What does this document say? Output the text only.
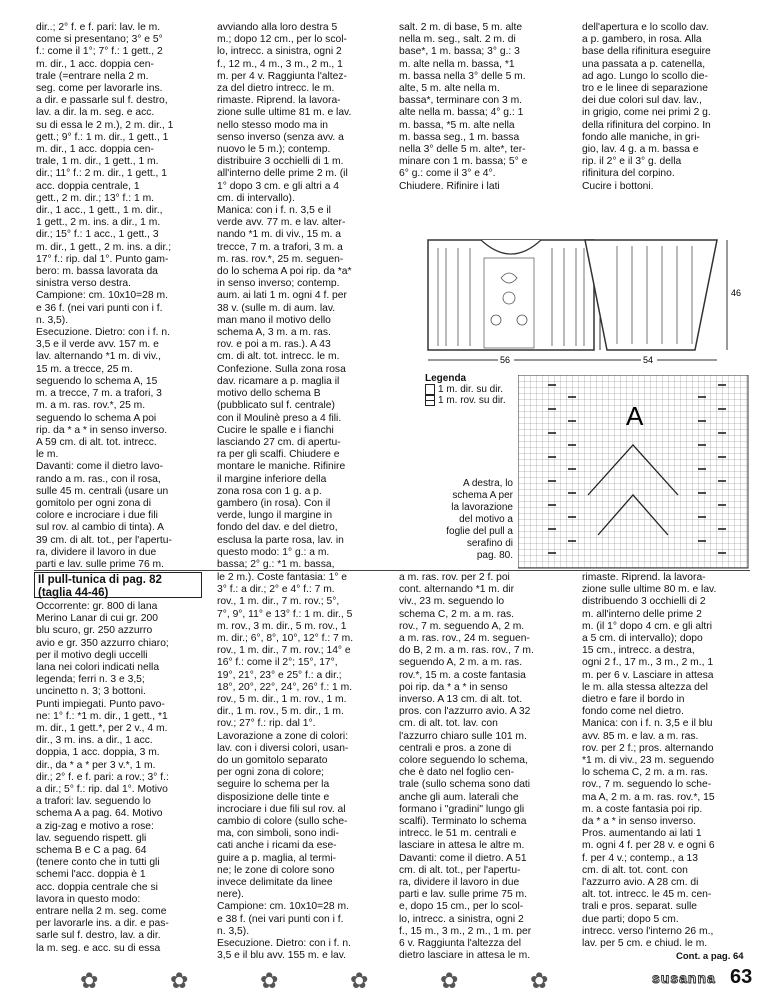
dir..; 2° f. e f. pari: lav. le m.
come si presentano; 3° e 5°
f.: come il 1°; 7° f.: 1 gett., 2
m. dir., 1 acc. doppia cen-
trale (=entrare nella 2 m.
seg. come per lavorarle ins.
a dir. e passarle sul f. destro,
lav. a dir. la m. seg. e acc.
su di essa le 2 m.), 2 m. dir., 1
gett.; 9° f.: 1 m. dir., 1 gett., 1
m. dir., 1 acc. doppia cen-
trale, 1 m. dir., 1 gett., 1 m.
dir.; 11° f.: 2 m. dir., 1 gett., 1
acc. doppia centrale, 1
gett., 2 m. dir.; 13° f.: 1 m.
dir., 1 acc., 1 gett., 1 m. dir.,
1 gett., 2 m. ins. a dir., 1 m.
dir.; 15° f.: 1 acc., 1 gett., 3
m. dir., 1 gett., 2 m. ins. a dir.;
17° f.: rip. dal 1°. Punto gam-
bero: m. bassa lavorata da
sinistra verso destra.
Campione: cm. 10x10=28 m.
e 36 f. (nei vari punti con i f.
n. 3,5).
Esecuzione. Dietro: con i f. n.
3,5 e il verde avv. 157 m. e
lav. alternando *1 m. di viv.,
15 m. a trecce, 25 m.
seguendo lo schema A, 15
m. a trecce, 7 m. a trafori, 3
m. a m. ras. rov.*, 25 m.
seguendo lo schema A poi
rip. da * a * in senso inverso.
A 59 cm. di alt. tot. intrecc.
le m.
Davanti: come il dietro lavo-
rando a m. ras., con il rosa,
sulle 45 m. centrali (usare un
gomitolo per ogni zona di
colore e incrociare i due fili
sul rov. al cambio di tinta). A
39 cm. di alt. tot., per l'apertu-
ra, dividere il lavoro in due
parti e lav. sulle prime 76 m.

avviando alla loro destra 5
m.; dopo 12 cm., per lo scol-
lo, intrecc. a sinistra, ogni 2
f., 12 m., 4 m., 3 m., 2 m., 1
m. per 4 v. Raggiunta l'altez-
za del dietro intrecc. le m.
rimaste. Riprend. la lavora-
zione sulle ultime 81 m. e lav.
nello stesso modo ma in
senso inverso (senza avv. a
nuovo le 5 m.); contemp.
distribuire 3 occhielli di 1 m.
all'interno delle prime 2 m. (il
1° dopo 3 cm. e gli altri a 4
cm. di intervallo).
Manica: con i f. n. 3,5 e il
verde avv. 77 m. e lav. alter-
nando *1 m. di viv., 15 m. a
trecce, 7 m. a trafori, 3 m. a
m. ras. rov.*, 25 m. seguen-
do lo schema A poi rip. da *a*
in senso inverso; contemp.
aum. ai lati 1 m. ogni 4 f. per
38 v. (sulle m. di aum. lav.
man mano il motivo dello
schema A, 3 m. a m. ras.
rov. e poi a m. ras.). A 43
cm. di alt. tot. intrecc. le m.
Confezione. Sulla zona rosa
dav. ricamare a p. maglia il
motivo dello schema B
(pubblicato sul f. centrale)
con il Moulinè preso a 4 fili.
Cucire le spalle e i fianchi
lasciando 27 cm. di apertu-
ra per gli scalfi. Chiudere e
montare le maniche. Rifinire
il margine inferiore della
zona rosa con 1 g. a p.
gambero (in rosa). Con il
verde, lungo il margine in
fondo del dav. e del dietro,
esclusa la parte rosa, lav. in
questo modo: 1° g.: a m.
bassa; 2° g.: *1 m. bassa,

salt. 2 m. di base, 5 m. alte
nella m. seg., salt. 2 m. di
base*, 1 m. bassa; 3° g.: 3
m. alte nella m. bassa, *1
m. bassa nella 3° delle 5 m.
alte, 5 m. alte nella m.
bassa*, terminare con 3 m.
alte nella m. bassa; 4° g.: 1
m. bassa, *5 m. alte nella
m. bassa seg., 1 m. bassa
nella 3° delle 5 m. alte*, ter-
minare con 1 m. bassa; 5° e
6° g.: come il 3° e 4°.
Chiudere. Rifinire i lati

dell'apertura e lo scollo dav.
a p. gambero, in rosa. Alla
base della rifinitura eseguire
una passata a p. catenella,
ad ago. Lungo lo scollo die-
tro e le linee di separazione
dei due colori sul dav. lav.,
in grigio, come nei primi 2 g.
della rifinitura del corpino. In
fondo alle maniche, in gri-
gio, lav. 4 g. a m. bassa e
rip. il 2° e il 3° g. della
rifinitura del corpino.
Cucire i bottoni.

56
46
54
Legenda
1 m. dir. su dir.
1 m. rov. su dir.
A

A destra, lo
schema A per
la lavorazione
del motivo a
foglie del pull a
serafino di
pag. 80.

Il pull-tunica di pag. 82
(taglia 44-46)

Occorrente: gr. 800 di lana
Merino Lanar di cui gr. 200
blu scuro, gr. 250 azzurro
avio e gr. 350 azzurro chiaro;
per il motivo degli uccelli
lana nei colori indicati nella
legenda; ferri n. 3 e 3,5;
uncinetto n. 3; 3 bottoni.
Punti impiegati. Punto pavo-
ne: 1° f.: *1 m. dir., 1 gett., *1
m. dir., 1 gett.*, per 2 v., 4 m.
dir., 3 m. ins. a dir., 1 acc.
doppia, 1 acc. doppia, 3 m.
dir., da * a * per 3 v.*, 1 m.
dir.; 2° f. e f. pari: a rov.; 3° f.:
a dir.; 5° f.: rip. dal 1°. Motivo
a trafori: lav. seguendo lo
schema A a pag. 64. Motivo
a zig-zag e motivo a rose:
lav. seguendo rispett. gli
schema B e C a pag. 64
(tenere conto che in tutti gli
schemi l'acc. doppia è 1
acc. doppia centrale che si
lavora in questo modo:
entrare nella 2 m. seg. come
per lavorarle ins. a dir. e pas-
sarle sul f. destro, lav. a dir.
la m. seg. e acc. su di essa

le 2 m.). Coste fantasia: 1° e
3° f.: a dir.; 2° e 4° f.: 7 m.
rov., 1 m. dir., 7 m. rov.; 5°,
7°, 9°, 11° e 13° f.: 1 m. dir., 5
m. rov., 3 m. dir., 5 m. rov., 1
m. dir.; 6°, 8°, 10°, 12° f.: 7 m.
rov., 1 m. dir., 7 m. rov.; 14° e
16° f.: come il 2°; 15°, 17°,
19°, 21°, 23° e 25° f.: a dir.;
18°, 20°, 22°, 24°, 26° f.: 1 m.
rov., 5 m. dir., 1 m. rov., 1 m.
dir., 1 m. rov., 5 m. dir., 1 m.
rov.; 27° f.: rip. dal 1°.
Lavorazione a zone di colori:
lav. con i diversi colori, usan-
do un gomitolo separato
per ogni zona di colore;
seguire lo schema per la
disposizione delle tinte e
incrociare i due fili sul rov. al
cambio di colore (sullo sche-
ma, con simboli, sono indi-
cati anche i ricami da ese-
guire a p. maglia, al termi-
ne; le zone di colore sono
invece delimitate da linee
nere).
Campione: cm. 10x10=28 m.
e 38 f. (nei vari punti con i f.
n. 3,5).
Esecuzione. Dietro: con i f. n.
3,5 e il blu avv. 155 m. e lav.

a m. ras. rov. per 2 f. poi
cont. alternando *1 m. dir
viv., 23 m. seguendo lo
schema C, 2 m. a m. ras.
rov., 7 m. seguendo A, 2 m.
a m. ras. rov., 24 m. seguen-
do B, 2 m. a m. ras. rov., 7 m.
seguendo A, 2 m. a m. ras.
rov.*, 15 m. a coste fantasia
poi rip. da * a * in senso
inverso. A 13 cm. di alt. tot.
pros. con l'azzurro avio. A 32
cm. di alt. tot. lav. con
l'azzurro chiaro sulle 101 m.
centrali e pros. a zone di
colore seguendo lo schema,
che è dato nel foglio cen-
trale (sullo schema sono dati
anche gli aum. laterali che
formano i "gradini" lungo gli
scalfi). Terminato lo schema
intrecc. le 51 m. centrali e
lasciare in attesa le altre m.
Davanti: come il dietro. A 51
cm. di alt. tot., per l'apertu-
ra, dividere il lavoro in due
parti e lav. sulle prime 75 m.
e, dopo 15 cm., per lo scol-
lo, intrecc. a sinistra, ogni 2
f., 15 m., 3 m., 2 m., 1 m. per
6 v. Raggiunta l'altezza del
dietro lasciare in attesa le m.

rimaste. Riprend. la lavora-
zione sulle ultime 80 m. e lav.
distribuendo 3 occhielli di 2
m. all'interno delle prime 2
m. (il 1° dopo 4 cm. e gli altri
a 5 cm. di intervallo); dopo
15 cm., intrecc. a destra,
ogni 2 f., 17 m., 3 m., 2 m., 1
m. per 6 v. Lasciare in attesa
le m. alla stessa altezza del
dietro e fare il bordo in
fondo come nel dietro.
Manica: con i f. n. 3,5 e il blu
avv. 85 m. e lav. a m. ras.
rov. per 2 f.; pros. alternando
*1 m. di viv., 23 m. seguendo
lo schema C, 2 m. a m. ras.
rov., 7 m. seguendo lo sche-
ma A, 2 m. a m. ras. rov.*, 15
m. a coste fantasia poi rip.
da * a * in senso inverso.
Pros. aumentando ai lati 1
m. ogni 4 f. per 28 v. e ogni 6
f. per 4 v.; contemp., a 13
cm. di alt. tot. cont. con
l'azzurro avio. A 28 cm. di
alt. tot. intrecc. le 45 m. cen-
trali e pros. separat. sulle
due parti; dopo 5 cm.
intrecc. verso l'interno 26 m.,
lav. per 5 cm. e chiud. le m.

Cont. a pag. 64
✿	✿	✿	✿	✿	✿	susanna 63
